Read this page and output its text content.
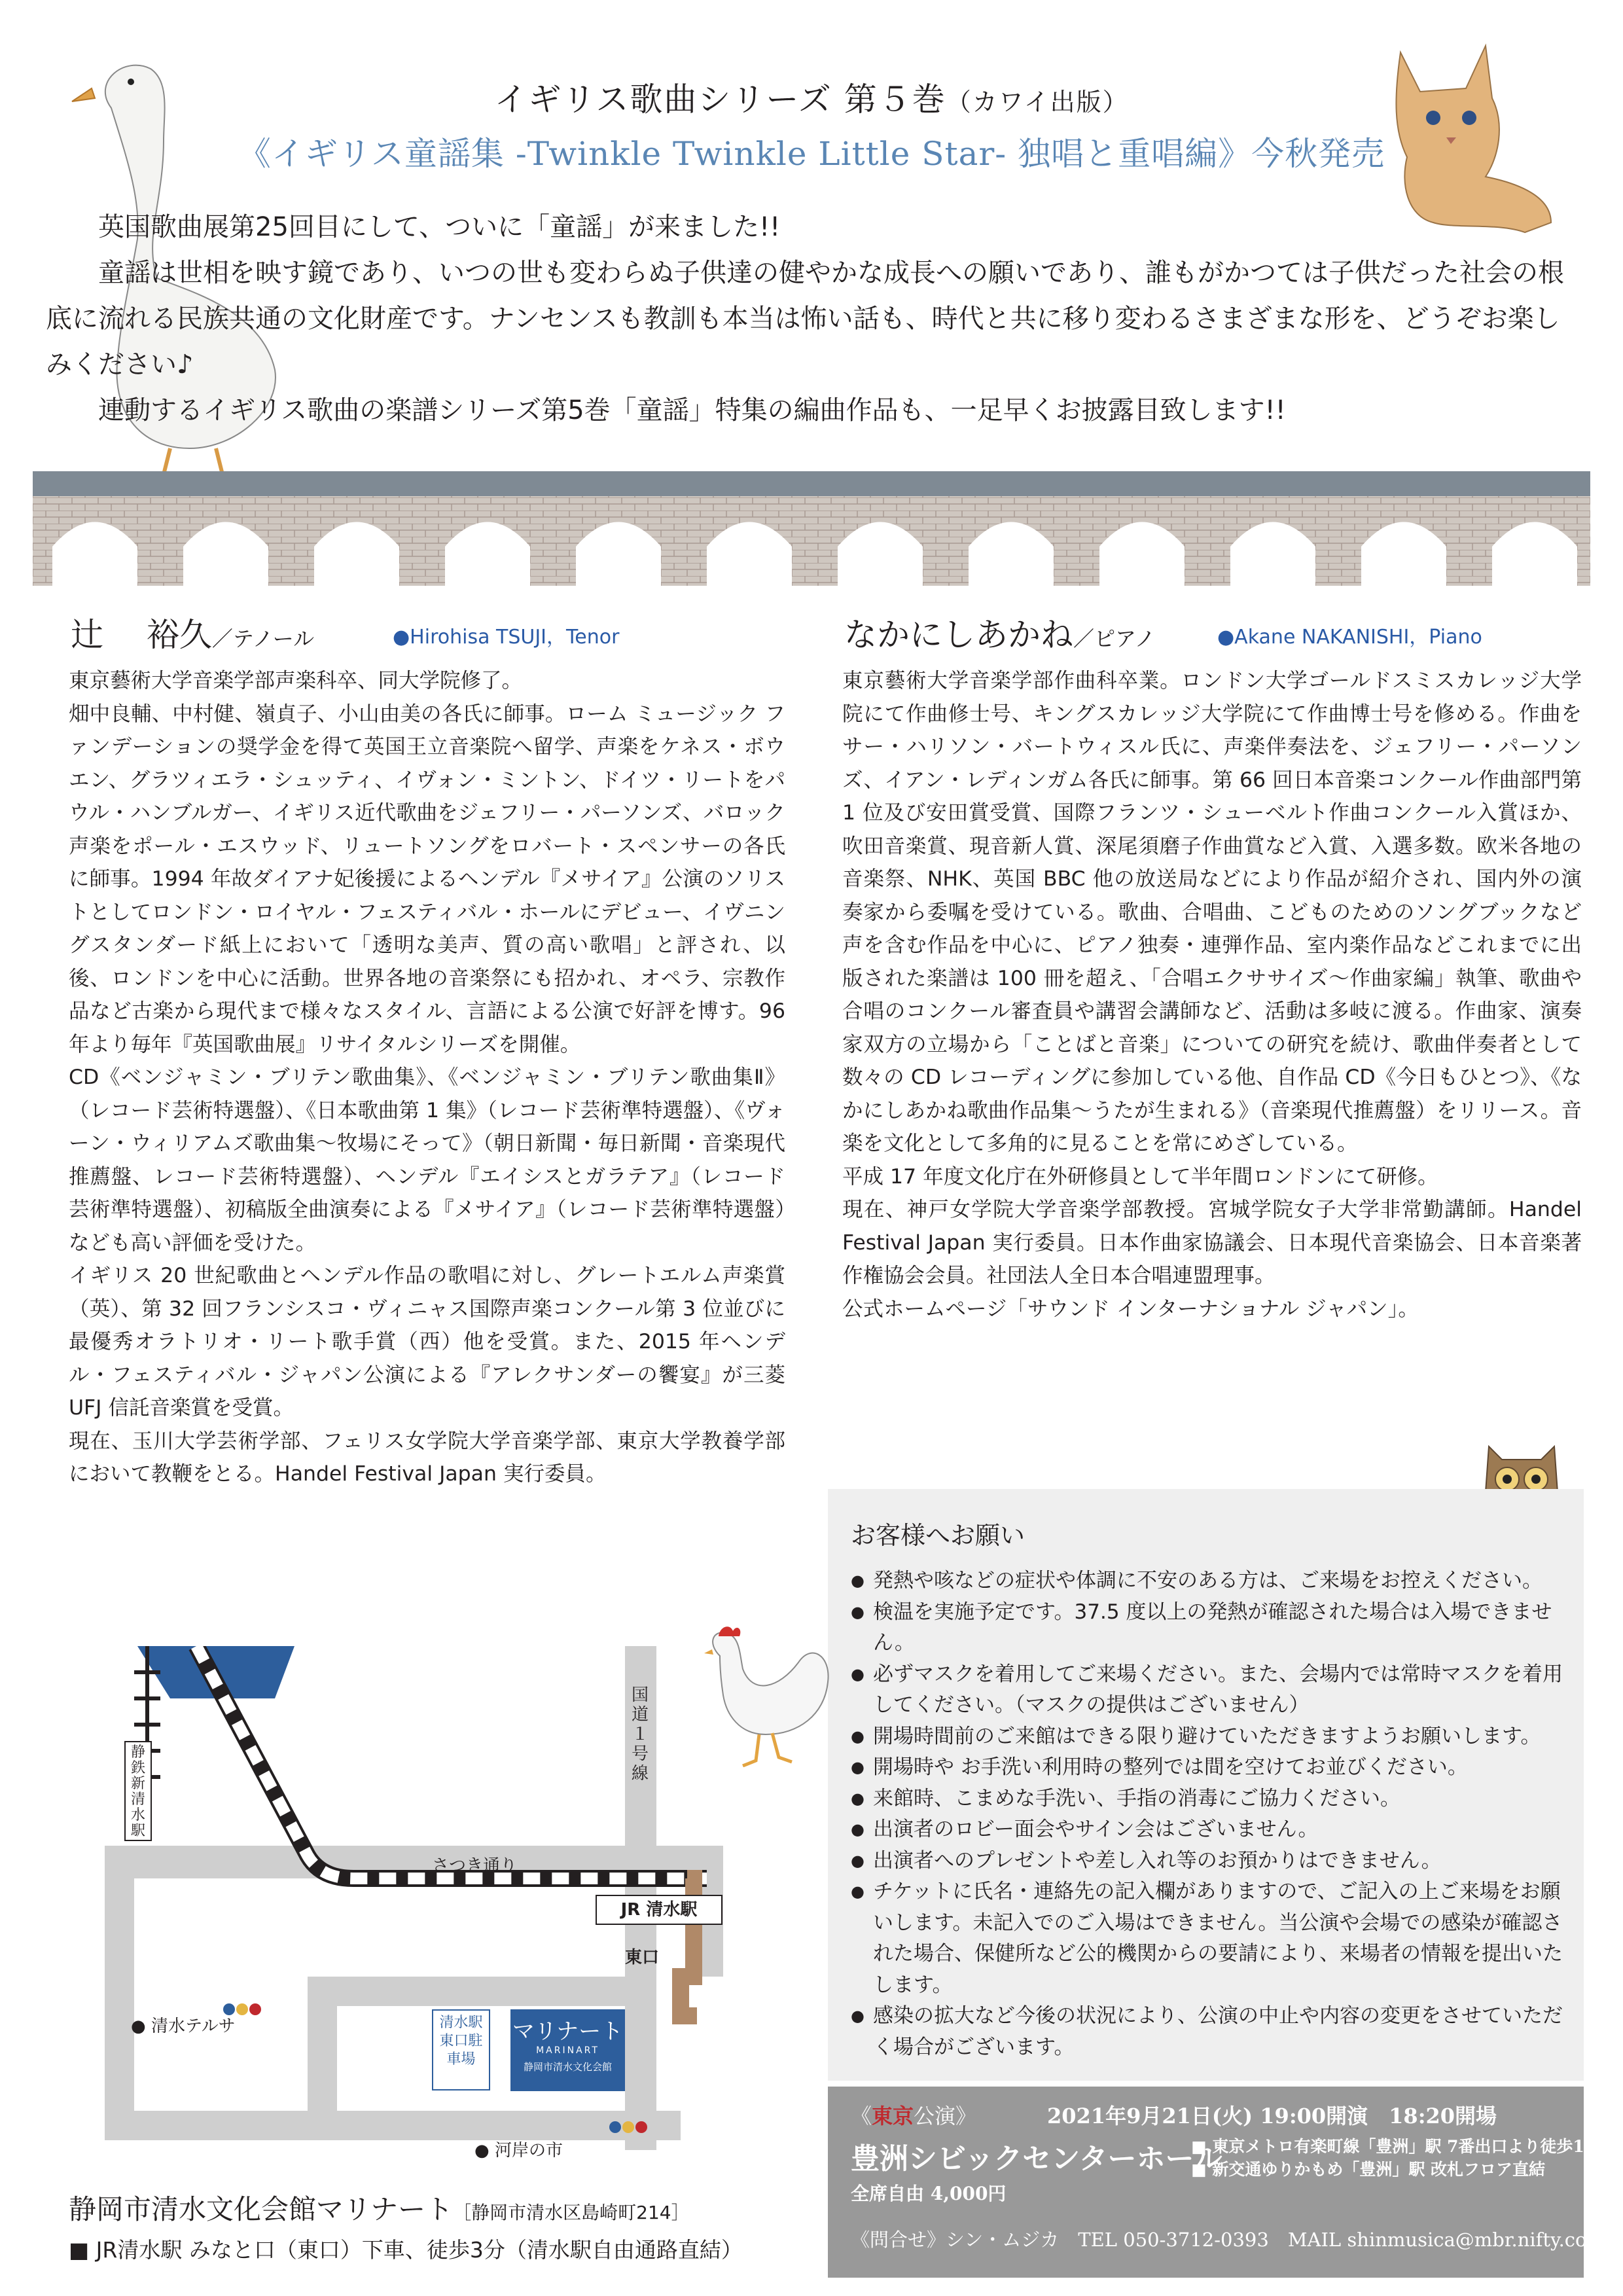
イギリス歌曲シリーズ 第５巻（カワイ出版）
《イギリス童謡集 -Twinkle Twinkle Little Star- 独唱と重唱編》今秋発売

英国歌曲展第25回目にして、ついに「童謡」が来ました!!

童謡は世相を映す鏡であり、いつの世も変わらぬ子供達の健やかな成長への願いであり、誰もがかつては子供だった社会の根底に流れる民族共通の文化財産です。ナンセンスも教訓も本当は怖い話も、時代と共に移り変わるさまざまな形を、どうぞお楽しみください♪

連動するイギリス歌曲の楽譜シリーズ第5巻「童謡」特集の編曲作品も、一足早くお披露目致します!!

辻　 裕久／テノール	●Hirohisa TSUJI，Tenor

東京藝術大学音楽学部声楽科卒、同大学院修了。

畑中良輔、中村健、嶺貞子、小山由美の各氏に師事。ローム ミュージック ファンデーションの奨学金を得て英国王立音楽院へ留学、声楽をケネス・ボウエン、グラツィエラ・シュッティ、イヴォン・ミントン、ドイツ・リートをパウル・ハンブルガー、イギリス近代歌曲をジェフリー・パーソンズ、バロック声楽をポール・エスウッド、リュートソングをロバート・スペンサーの各氏に師事。1994 年故ダイアナ妃後援によるヘンデル『メサイア』公演のソリストとしてロンドン・ロイヤル・フェスティバル・ホールにデビュー、イヴニングスタンダード紙上において「透明な美声、質の高い歌唱」と評され、以後、ロンドンを中心に活動。世界各地の音楽祭にも招かれ、オペラ、宗教作品など古楽から現代まで様々なスタイル、言語による公演で好評を博す。96 年より毎年『英国歌曲展』リサイタルシリーズを開催。

CD《ベンジャミン・ブリテン歌曲集》、《ベンジャミン・ブリテン歌曲集Ⅱ》（レコード芸術特選盤）、《日本歌曲第 1 集》（レコード芸術準特選盤）、《ヴォーン・ウィリアムズ歌曲集～牧場にそって》（朝日新聞・毎日新聞・音楽現代推薦盤、レコード芸術特選盤）、ヘンデル『エイシスとガラテア』（レコード芸術準特選盤）、初稿版全曲演奏による『メサイア』（レコード芸術準特選盤）なども高い評価を受けた。

イギリス 20 世紀歌曲とヘンデル作品の歌唱に対し、グレートエルム声楽賞（英）、第 32 回フランシスコ・ヴィニャス国際声楽コンクール第 3 位並びに最優秀オラトリオ・リート歌手賞（西）他を受賞。また、2015 年ヘンデル・フェスティバル・ジャパン公演による『アレクサンダーの饗宴』が三菱 UFJ 信託音楽賞を受賞。

現在、玉川大学芸術学部、フェリス女学院大学音楽学部、東京大学教養学部において教鞭をとる。Handel Festival Japan 実行委員。

なかにしあかね／ピアノ	●Akane NAKANISHI，Piano

東京藝術大学音楽学部作曲科卒業。ロンドン大学ゴールドスミスカレッジ大学院にて作曲修士号、キングスカレッジ大学院にて作曲博士号を修める。作曲をサー・ハリソン・バートウィスル氏に、声楽伴奏法を、ジェフリー・パーソンズ、イアン・レディンガム各氏に師事。第 66 回日本音楽コンクール作曲部門第 1 位及び安田賞受賞、国際フランツ・シューベルト作曲コンクール入賞ほか、吹田音楽賞、現音新人賞、深尾須磨子作曲賞など入賞、入選多数。欧米各地の音楽祭、NHK、英国 BBC 他の放送局などにより作品が紹介され、国内外の演奏家から委嘱を受けている。歌曲、合唱曲、こどものためのソングブックなど声を含む作品を中心に、ピアノ独奏・連弾作品、室内楽作品などこれまでに出版された楽譜は 100 冊を超え、「合唱エクササイズ～作曲家編」執筆、歌曲や合唱のコンクール審査員や講習会講師など、活動は多岐に渡る。作曲家、演奏家双方の立場から「ことばと音楽」についての研究を続け、歌曲伴奏者として数々の CD レコーディングに参加している他、自作品 CD《今日もひとつ》、《なかにしあかね歌曲作品集～うたが生まれる》（音楽現代推薦盤）をリリース。音楽を文化として多角的に見ることを常にめざしている。

平成 17 年度文化庁在外研修員として半年間ロンドンにて研修。

現在、神戸女学院大学音楽学部教授。宮城学院女子大学非常勤講師。Handel Festival Japan 実行委員。日本作曲家協議会、日本現代音楽協会、日本音楽著作権協会会員。社団法人全日本合唱連盟理事。

公式ホームページ「サウンド インターナショナル ジャパン」。

お客様へお願い
● 発熱や咳などの症状や体調に不安のある方は、ご来場をお控えください。
● 検温を実施予定です。37.5 度以上の発熱が確認された場合は入場できません。
● 必ずマスクを着用してご来場ください。また、会場内では常時マスクを着用してください。（マスクの提供はございません）
● 開場時間前のご来館はできる限り避けていただきますようお願いします。
● 開場時や お手洗い利用時の整列では間を空けてお並びください。
● 来館時、こまめな手洗い、手指の消毒にご協力ください。
● 出演者のロビー面会やサイン会はございません。
● 出演者へのプレゼントや差し入れ等のお預かりはできません。
● チケットに氏名・連絡先の記入欄がありますので、ご記入の上ご来場をお願いします。未記入でのご入場はできません。当公演や会場での感染が確認された場合、保健所など公的機関からの要請により、来場者の情報を提出いたします。
● 感染の拡大など今後の状況により、公演の中止や内容の変更をさせていただく場合がございます。
《東京公演》	2021年9月21日(火) 19:00開演　18:20開場
豊洲シビックセンターホール
■ 東京メトロ有楽町線「豊洲」駅 7番出口より徒歩1分
■ 新交通ゆりかもめ「豊洲」駅 改札フロア直結
全席自由 4,000円
《問合せ》シン・ムジカ　TEL 050-3712-0393　MAIL shinmusica@mbr.nifty.com
静鉄新清水駅
国道１号線
さつき通り
JR 清水駅
東口
● 清水テルサ	清水駅東口駐車場
マリナート
MARINART
静岡市清水文化会館
● 河岸の市
静岡市清水文化会館マリナート［静岡市清水区島崎町214］
■ JR清水駅 みなと口（東口）下車、徒歩3分（清水駅自由通路直結）
